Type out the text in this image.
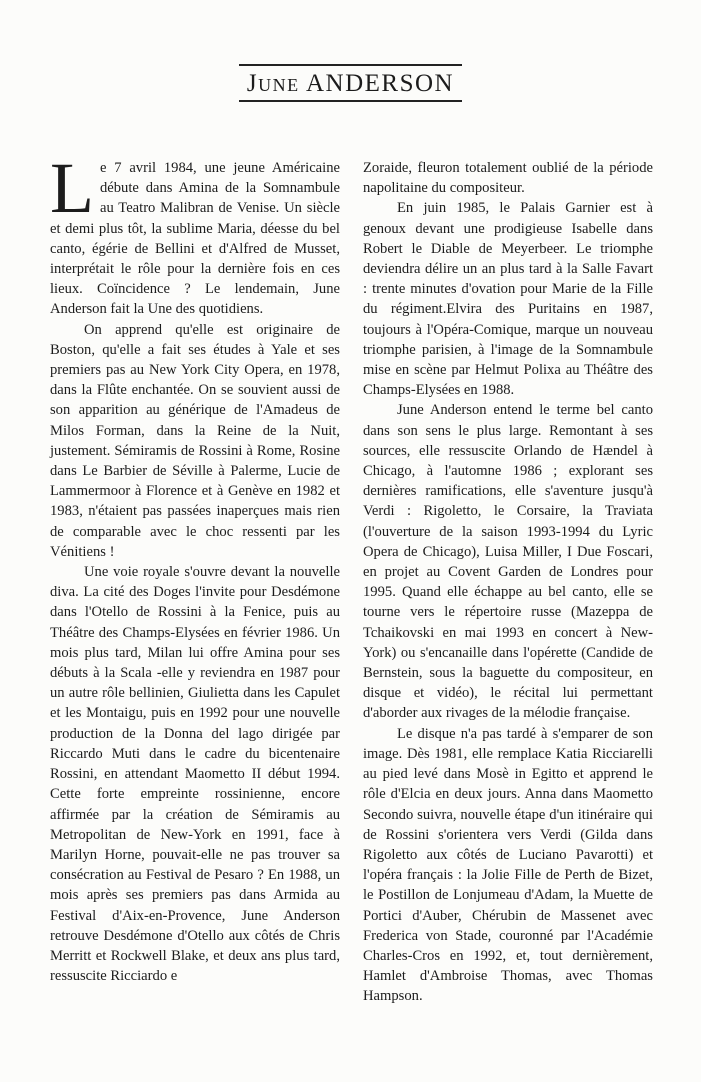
June ANDERSON

Le 7 avril 1984, une jeune Américaine débute dans Amina de la Somnambule au Teatro Malibran de Venise. Un siècle et demi plus tôt, la sublime Maria, déesse du bel canto, égérie de Bellini et d'Alfred de Musset, interprétait le rôle pour la dernière fois en ces lieux. Coïncidence ? Le lendemain, June Anderson fait la Une des quotidiens.

On apprend qu'elle est originaire de Boston, qu'elle a fait ses études à Yale et ses premiers pas au New York City Opera, en 1978, dans la Flûte enchantée. On se souvient aussi de son apparition au générique de l'Amadeus de Milos Forman, dans la Reine de la Nuit, justement. Sémiramis de Rossini à Rome, Rosine dans Le Barbier de Séville à Palerme, Lucie de Lammermoor à Florence et à Genève en 1982 et 1983, n'étaient pas passées inaperçues mais rien de comparable avec le choc ressenti par les Vénitiens !

Une voie royale s'ouvre devant la nouvelle diva. La cité des Doges l'invite pour Desdémone dans l'Otello de Rossini à la Fenice, puis au Théâtre des Champs-Elysées en février 1986. Un mois plus tard, Milan lui offre Amina pour ses débuts à la Scala -elle y reviendra en 1987 pour un autre rôle bellinien, Giulietta dans les Capulet et les Montaigu, puis en 1992 pour une nouvelle production de la Donna del lago dirigée par Riccardo Muti dans le cadre du bicentenaire Rossini, en attendant Maometto II début 1994. Cette forte empreinte rossinienne, encore affirmée par la création de Sémiramis au Metropolitan de New-York en 1991, face à Marilyn Horne, pouvait-elle ne pas trouver sa consécration au Festival de Pesaro ? En 1988, un mois après ses premiers pas dans Armida au Festival d'Aix-en-Provence, June Anderson retrouve Desdémone d'Otello aux côtés de Chris Merritt et Rockwell Blake, et deux ans plus tard, ressuscite Ricciardo e

Zoraide, fleuron totalement oublié de la période napolitaine du compositeur.

En juin 1985, le Palais Garnier est à genoux devant une prodigieuse Isabelle dans Robert le Diable de Meyerbeer. Le triomphe deviendra délire un an plus tard à la Salle Favart : trente minutes d'ovation pour Marie de la Fille du régiment.Elvira des Puritains en 1987, toujours à l'Opéra-Comique, marque un nouveau triomphe parisien, à l'image de la Somnambule mise en scène par Helmut Polixa au Théâtre des Champs-Elysées en 1988.

June Anderson entend le terme bel canto dans son sens le plus large. Remontant à ses sources, elle ressuscite Orlando de Hændel à Chicago, à l'automne 1986 ; explorant ses dernières ramifications, elle s'aventure jusqu'à Verdi : Rigoletto, le Corsaire, la Traviata (l'ouverture de la saison 1993-1994 du Lyric Opera de Chicago), Luisa Miller, I Due Foscari, en projet au Covent Garden de Londres pour 1995. Quand elle échappe au bel canto, elle se tourne vers le répertoire russe (Mazeppa de Tchaikovski en mai 1993 en concert à New-York) ou s'encanaille dans l'opérette (Candide de Bernstein, sous la baguette du compositeur, en disque et vidéo), le récital lui permettant d'aborder aux rivages de la mélodie française.

Le disque n'a pas tardé à s'emparer de son image. Dès 1981, elle remplace Katia Ricciarelli au pied levé dans Mosè in Egitto et apprend le rôle d'Elcia en deux jours. Anna dans Maometto Secondo suivra, nouvelle étape d'un itinéraire qui de Rossini s'orientera vers Verdi (Gilda dans Rigoletto aux côtés de Luciano Pavarotti) et l'opéra français : la Jolie Fille de Perth de Bizet, le Postillon de Lonjumeau d'Adam, la Muette de Portici d'Auber, Chérubin de Massenet avec Frederica von Stade, couronné par l'Académie Charles-Cros en 1992, et, tout dernièrement, Hamlet d'Ambroise Thomas, avec Thomas Hampson.
